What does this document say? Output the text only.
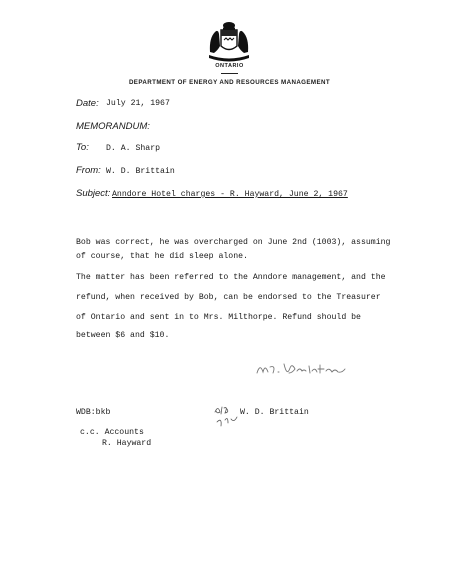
ONTARIO
DEPARTMENT OF ENERGY AND RESOURCES MANAGEMENT
Date: July 21, 1967
MEMORANDUM:
To: D. A. Sharp
From: W. D. Brittain
Subject: Anndore Hotel charges - R. Hayward, June 2, 1967
Bob was correct, he was overcharged on June 2nd (1003), assuming
of course, that he did sleep alone.
The matter has been referred to the Anndore management, and the
refund, when received by Bob, can be endorsed to the Treasurer
of Ontario and sent in to Mrs. Milthorpe. Refund should be
between $6 and $10.
W. D. Brittain
WDB:bkb
c.c. Accounts
R. Hayward
